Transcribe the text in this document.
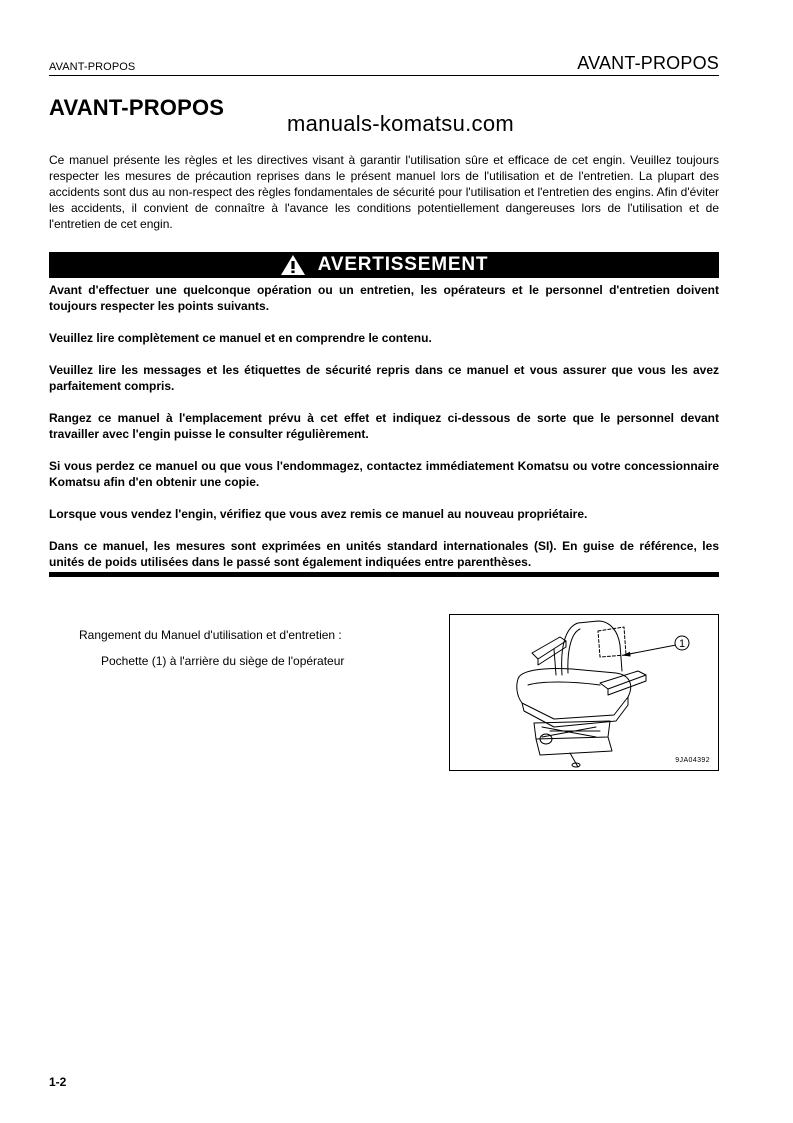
AVANT-PROPOS	AVANT-PROPOS
AVANT-PROPOS
manuals-komatsu.com
Ce manuel présente les règles et les directives visant à garantir l'utilisation sûre et efficace de cet engin. Veuillez toujours respecter les mesures de précaution reprises dans le présent manuel lors de l'utilisation et de l'entretien. La plupart des accidents sont dus au non-respect des règles fondamentales de sécurité pour l'utilisation et l'entretien des engins. Afin d'éviter les accidents, il convient de connaître à l'avance les conditions potentiellement dangereuses lors de l'utilisation et de l'entretien de cet engin.
AVERTISSEMENT

Avant d'effectuer une quelconque opération ou un entretien, les opérateurs et le personnel d'entretien doivent toujours respecter les points suivants.

Veuillez lire complètement ce manuel et en comprendre le contenu.

Veuillez lire les messages et les étiquettes de sécurité repris dans ce manuel et vous assurer que vous les avez parfaitement compris.

Rangez ce manuel à l'emplacement prévu à cet effet et indiquez ci-dessous de sorte que le personnel devant travailler avec l'engin puisse le consulter régulièrement.

Si vous perdez ce manuel ou que vous l'endommagez, contactez immédiatement Komatsu ou votre concessionnaire Komatsu afin d'en obtenir une copie.

Lorsque vous vendez l'engin, vérifiez que vous avez remis ce manuel au nouveau propriétaire.

Dans ce manuel, les mesures sont exprimées en unités standard internationales (SI). En guise de référence, les unités de poids utilisées dans le passé sont également indiquées entre parenthèses.

Rangement du Manuel d'utilisation et d'entretien :
Pochette (1) à l'arrière du siège de l'opérateur
1
9JA04392
1-2
